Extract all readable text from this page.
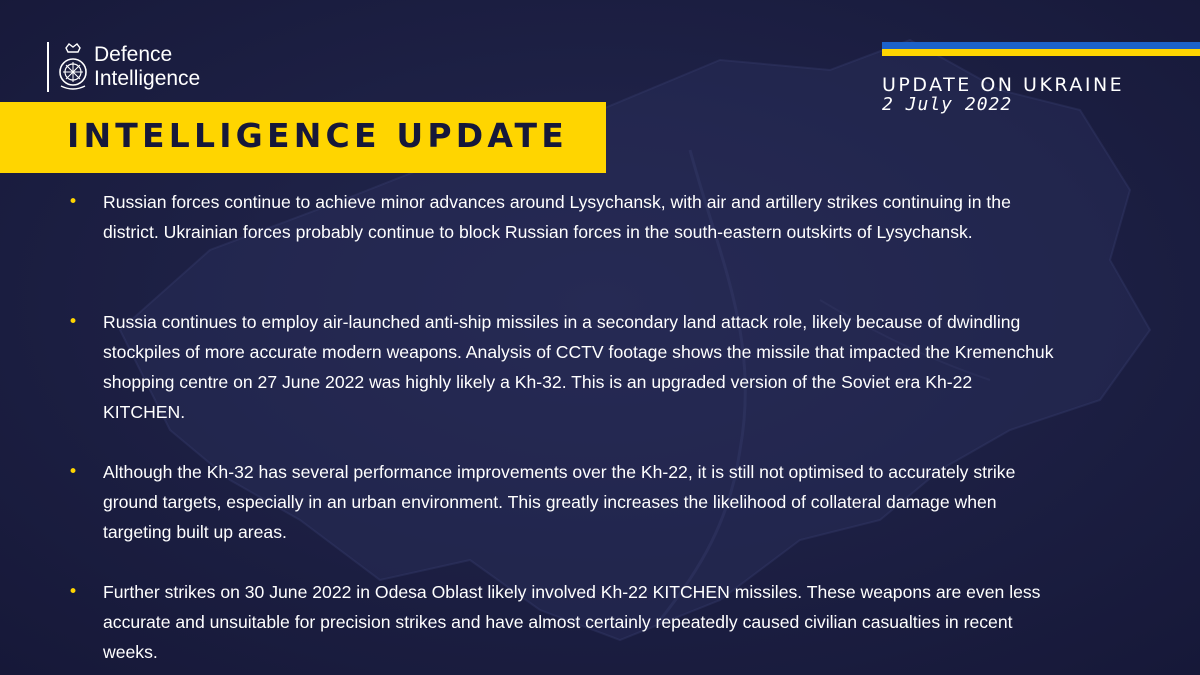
Defence
Intelligence	UPDATE ON UKRAINE
2 July 2022
INTELLIGENCE UPDATE
•	Russian forces continue to achieve minor advances around Lysychansk, with air and artillery strikes continuing in the district. Ukrainian forces probably continue to block Russian forces in the south-eastern outskirts of Lysychansk.
•	Russia continues to employ air-launched anti-ship missiles in a secondary land attack role, likely because of dwindling stockpiles of more accurate modern weapons. Analysis of CCTV footage shows the missile that impacted the Kremenchuk shopping centre on 27 June 2022 was highly likely a Kh-32. This is an upgraded version of the Soviet era Kh-22 KITCHEN.
•	Although the Kh-32 has several performance improvements over the Kh-22, it is still not optimised to accurately strike ground targets, especially in an urban environment. This greatly increases the likelihood of collateral damage when targeting built up areas.
•	Further strikes on 30 June 2022 in Odesa Oblast likely involved Kh-22 KITCHEN missiles. These weapons are even less accurate and unsuitable for precision strikes and have almost certainly repeatedly caused civilian casualties in recent weeks.
